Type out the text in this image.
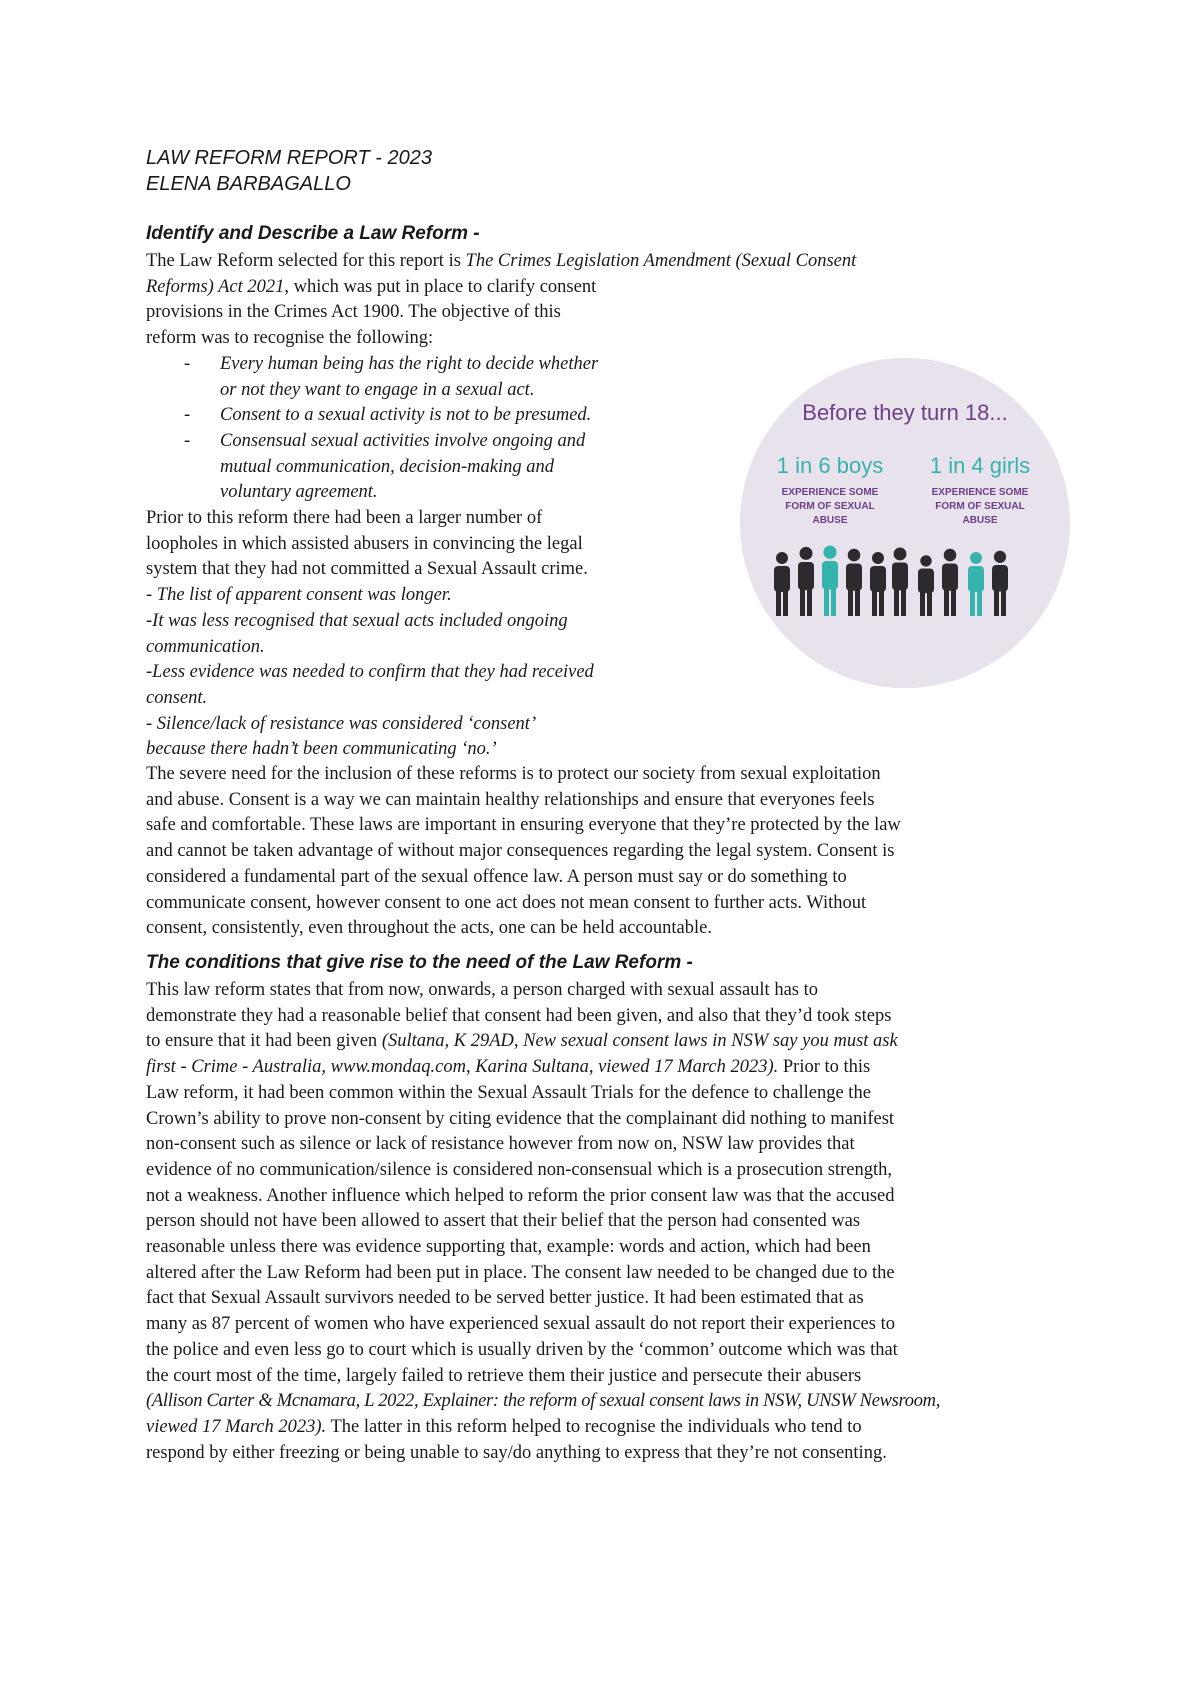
LAW REFORM REPORT - 2023
ELENA BARBAGALLO
Identify and Describe a Law Reform -

The Law Reform selected for this report is The Crimes Legislation Amendment (Sexual Consent

Reforms) Act 2021, which was put in place to clarify consent

provisions in the Crimes Act 1900. The objective of this

reform was to recognise the following:

- Every human being has the right to decide whether

or not they want to engage in a sexual act.

- Consent to a sexual activity is not to be presumed.

- Consensual sexual activities involve ongoing and

mutual communication, decision-making and

voluntary agreement.

Prior to this reform there had been a larger number of

loopholes in which assisted abusers in convincing the legal

system that they had not committed a Sexual Assault crime.

- The list of apparent consent was longer.

-It was less recognised that sexual acts included ongoing

communication.

-Less evidence was needed to confirm that they had received

consent.

- Silence/lack of resistance was considered ‘consent’

because there hadn’t been communicating ‘no.’

The severe need for the inclusion of these reforms is to protect our society from sexual exploitation

and abuse. Consent is a way we can maintain healthy relationships and ensure that everyones feels

safe and comfortable. These laws are important in ensuring everyone that they’re protected by the law

and cannot be taken advantage of without major consequences regarding the legal system. Consent is

considered a fundamental part of the sexual offence law. A person must say or do something to

communicate consent, however consent to one act does not mean consent to further acts. Without

consent, consistently, even throughout the acts, one can be held accountable.

Before they turn 18...
1 in 6 boys 1 in 4 girls
EXPERIENCE SOME
FORM OF SEXUAL
ABUSE
EXPERIENCE SOME
FORM OF SEXUAL
ABUSE
The conditions that give rise to the need of the Law Reform -

This law reform states that from now, onwards, a person charged with sexual assault has to

demonstrate they had a reasonable belief that consent had been given, and also that they’d took steps

to ensure that it had been given (Sultana, K 29AD, New sexual consent laws in NSW say you must ask

first - Crime - Australia, www.mondaq.com, Karina Sultana, viewed 17 March 2023). Prior to this

Law reform, it had been common within the Sexual Assault Trials for the defence to challenge the

Crown’s ability to prove non-consent by citing evidence that the complainant did nothing to manifest

non-consent such as silence or lack of resistance however from now on, NSW law provides that

evidence of no communication/silence is considered non-consensual which is a prosecution strength,

not a weakness. Another influence which helped to reform the prior consent law was that the accused

person should not have been allowed to assert that their belief that the person had consented was

reasonable unless there was evidence supporting that, example: words and action, which had been

altered after the Law Reform had been put in place. The consent law needed to be changed due to the

fact that Sexual Assault survivors needed to be served better justice. It had been estimated that as

many as 87 percent of women who have experienced sexual assault do not report their experiences to

the police and even less go to court which is usually driven by the ‘common’ outcome which was that

the court most of the time, largely failed to retrieve them their justice and persecute their abusers

(Allison Carter & Mcnamara, L 2022, Explainer: the reform of sexual consent laws in NSW, UNSW Newsroom,

viewed 17 March 2023). The latter in this reform helped to recognise the individuals who tend to

respond by either freezing or being unable to say/do anything to express that they’re not consenting.
